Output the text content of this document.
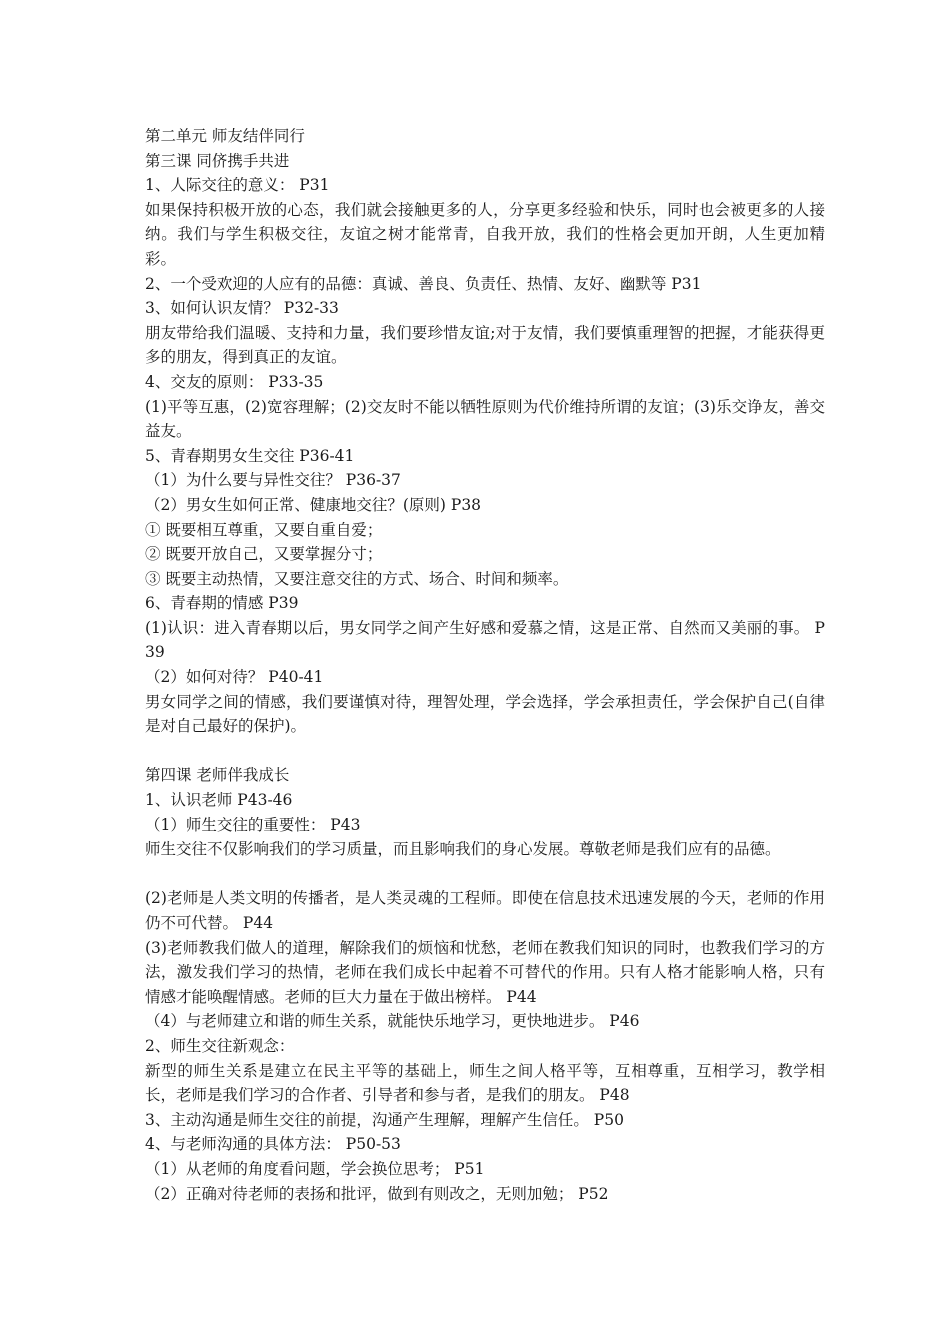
第二单元 师友结伴同行
第三课 同侪携手共进
1、人际交往的意义： P31
如果保持积极开放的心态，我们就会接触更多的人，分享更多经验和快乐，同时也会被更多的人接纳。我们与学生积极交往，友谊之树才能常青，自我开放，我们的性格会更加开朗，人生更加精彩。
2、一个受欢迎的人应有的品德：真诚、善良、负责任、热情、友好、幽默等 P31
3、如何认识友情？ P32-33
朋友带给我们温暖、支持和力量，我们要珍惜友谊;对于友情，我们要慎重理智的把握，才能获得更多的朋友，得到真正的友谊。
4、交友的原则： P33-35
(1)平等互惠，(2)宽容理解；(2)交友时不能以牺牲原则为代价维持所谓的友谊；(3)乐交诤友，善交益友。
5、青春期男女生交往 P36-41
（1）为什么要与异性交往？ P36-37
（2）男女生如何正常、健康地交往？(原则) P38
① 既要相互尊重，又要自重自爱；
② 既要开放自己，又要掌握分寸；
③ 既要主动热情，又要注意交往的方式、场合、时间和频率。
6、青春期的情感 P39
(1)认识：进入青春期以后，男女同学之间产生好感和爱慕之情，这是正常、自然而又美丽的事。 P39
（2）如何对待？ P40-41
男女同学之间的情感，我们要谨慎对待，理智处理，学会选择，学会承担责任，学会保护自己(自律是对自己最好的保护)。
第四课 老师伴我成长
1、认识老师 P43-46
（1）师生交往的重要性： P43
师生交往不仅影响我们的学习质量，而且影响我们的身心发展。尊敬老师是我们应有的品德。
(2)老师是人类文明的传播者，是人类灵魂的工程师。即使在信息技术迅速发展的今天，老师的作用仍不可代替。 P44
(3)老师教我们做人的道理，解除我们的烦恼和忧愁，老师在教我们知识的同时，也教我们学习的方法，激发我们学习的热情，老师在我们成长中起着不可替代的作用。只有人格才能影响人格，只有情感才能唤醒情感。老师的巨大力量在于做出榜样。 P44
（4）与老师建立和谐的师生关系，就能快乐地学习，更快地进步。 P46
2、师生交往新观念：
新型的师生关系是建立在民主平等的基础上，师生之间人格平等，互相尊重，互相学习，教学相长，老师是我们学习的合作者、引导者和参与者，是我们的朋友。 P48
3、主动沟通是师生交往的前提，沟通产生理解，理解产生信任。 P50
4、与老师沟通的具体方法： P50-53
（1）从老师的角度看问题，学会换位思考； P51
（2）正确对待老师的表扬和批评，做到有则改之，无则加勉； P52
